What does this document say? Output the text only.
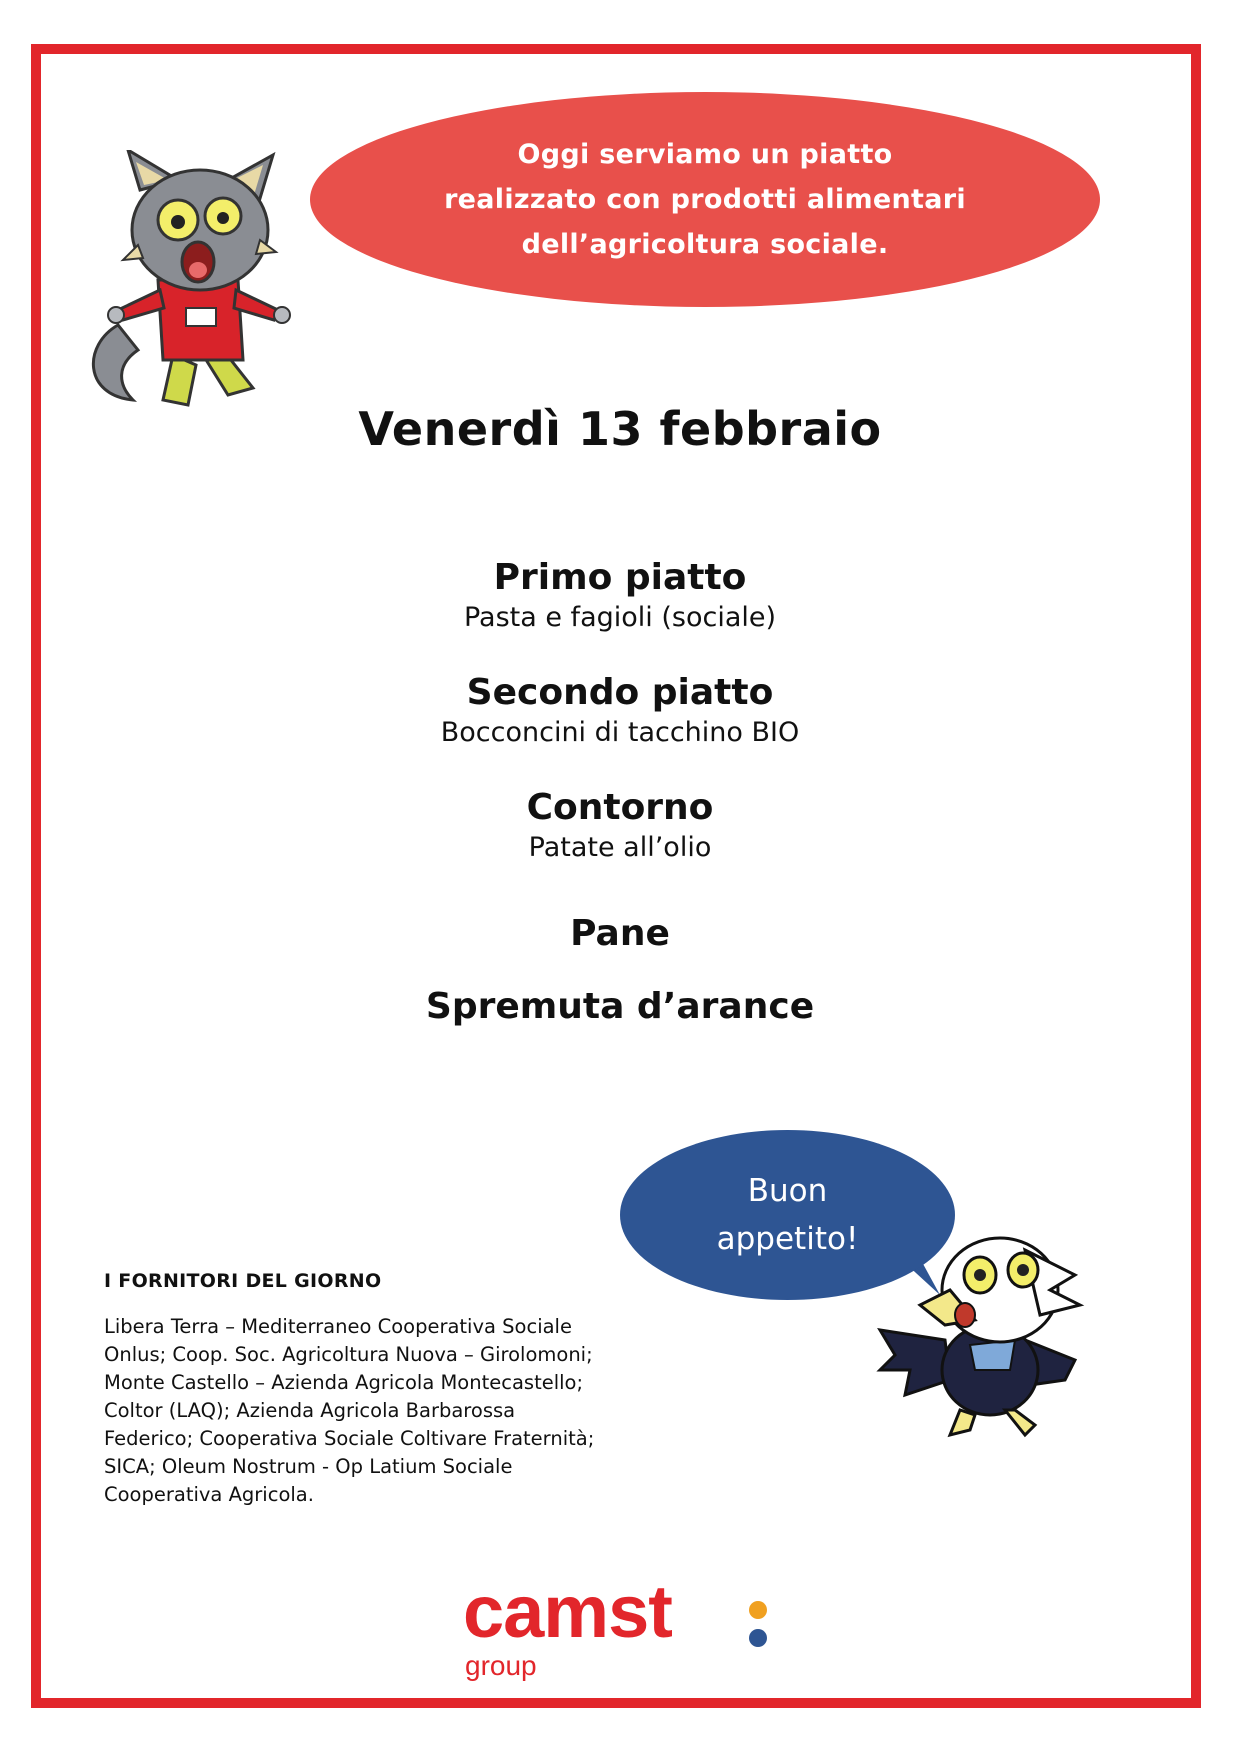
Oggi serviamo un piatto
realizzato con prodotti alimentari
dell’agricoltura sociale.
Venerdì 13 febbraio
Primo piatto
Pasta e fagioli (sociale)
Secondo piatto
Bocconcini di tacchino BIO
Contorno
Patate all’olio
Pane
Spremuta d’arance
Buon
appetito!
I FORNITORI DEL GIORNO
Libera Terra – Mediterraneo Cooperativa Sociale
Onlus; Coop. Soc. Agricoltura Nuova – Girolomoni;
Monte Castello – Azienda Agricola Montecastello;
Coltor (LAQ); Azienda Agricola Barbarossa
Federico; Cooperativa Sociale Coltivare Fraternità;
SICA; Oleum Nostrum - Op Latium Sociale
Cooperativa Agricola.
camst
group
